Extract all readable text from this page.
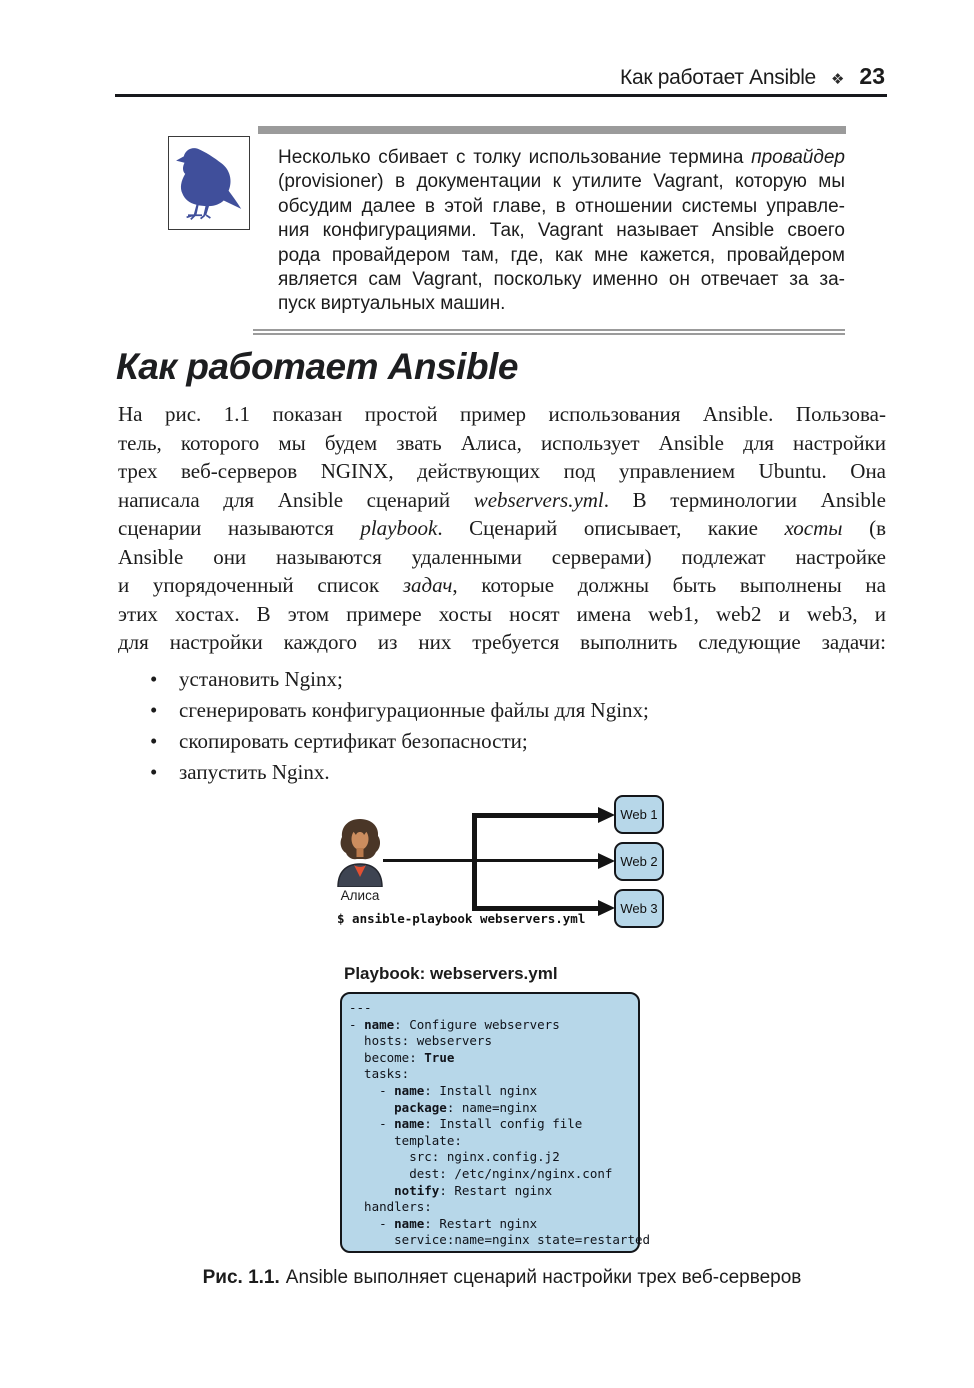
Как работает Ansible ❖ 23
Несколько сбивает с толку использование термина провайдер
(provisioner) в документации к утилите Vagrant, которую мы
обсудим далее в этой главе, в отношении системы управле-
ния конфигурациями. Так, Vagrant называет Ansible своего
рода провайдером там, где, как мне кажется, провайдером
является сам Vagrant, поскольку именно он отвечает за за-
пуск виртуальных машин.
Как работает Ansible
На рис. 1.1 показан простой пример использования Ansible. Пользова-
тель, которого мы будем звать Алиса, использует Ansible для настройки
трех веб-серверов NGINX, действующих под управлением Ubuntu. Она
написала для Ansible сценарий webservers.yml. В терминологии Ansible
сценарии называются playbook. Сценарий описывает, какие хосты (в
Ansible они называются удаленными серверами) подлежат настройке
и упорядоченный список задач, которые должны быть выполнены на
этих хостах. В этом примере хосты носят имена web1, web2 и web3, и
для настройки каждого из них требуется выполнить следующие задачи:
• установить Nginx;
• сгенерировать конфигурационные файлы для Nginx;
• скопировать сертификат безопасности;
• запустить Nginx.
Алиса
Web 1
Web 2
Web 3
$ ansible-playbook webservers.yml
Playbook: webservers.yml
---
- name: Configure webservers
hosts: webservers
become: True
tasks:
- name: Install nginx
package: name=nginx
- name: Install config file
template:
src: nginx.config.j2
dest: /etc/nginx/nginx.conf
notify: Restart nginx
handlers:
- name: Restart nginx
service:name=nginx state=restarted
Рис. 1.1. Ansible выполняет сценарий настройки трех веб-серверов
